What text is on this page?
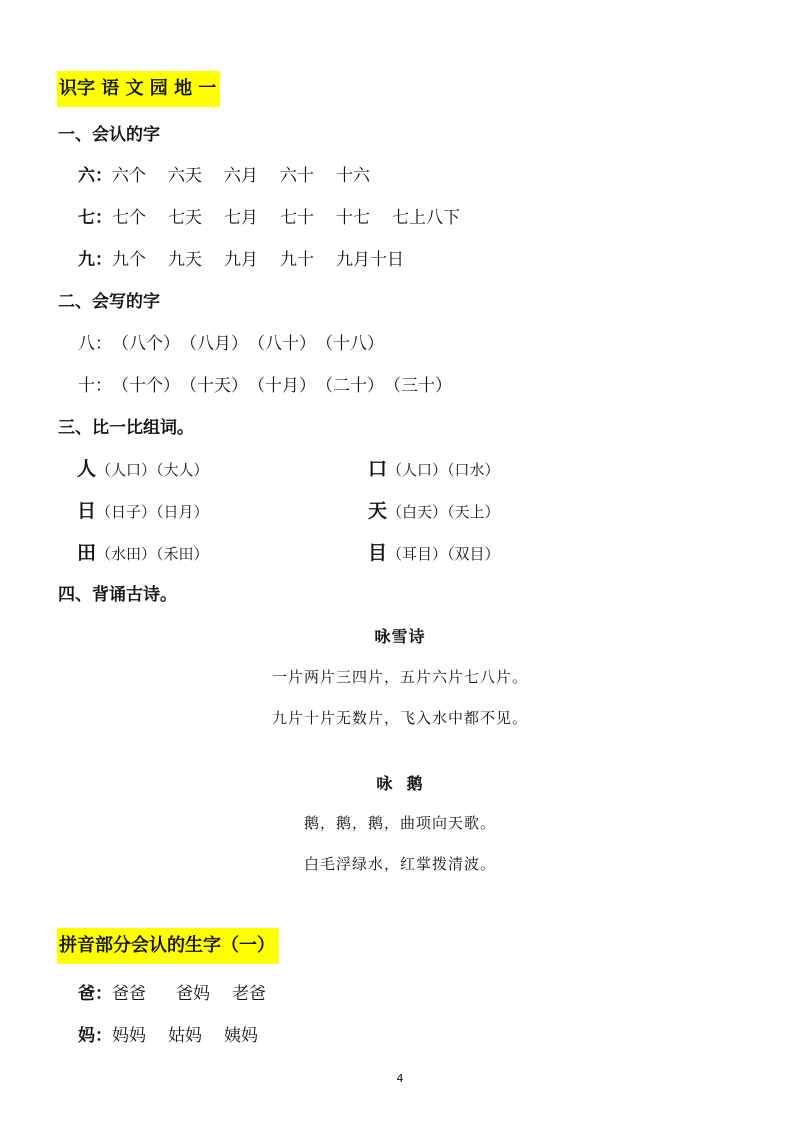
识字 语 文 园 地 一
一、会认的字
六： 六个 六天 六月 六十 十六
七： 七个 七天 七月 七十 十七 七上八下
九： 九个 九天 九月 九十 九月十日
二、会写的字
八： （八个） （八月） （八十） （十八）
十： （十个） （十天） （十月） （二十） （三十）
三、比一比组词。
人 （人口）（大人）	口 （人口）（口水）
日 （日子）（日月）	天 （白天）（天上）
田 （水田）（禾田）	目 （耳目）（双目）
四、背诵古诗。
咏雪诗
一片两片三四片，五片六片七八片。
九片十片无数片，飞入水中都不见。
咏  鹅
鹅，鹅，鹅，曲项向天歌。
白毛浮绿水，红掌拨清波。
拼音部分会认的生字（一）
爸： 爸爸 爸妈 老爸
妈： 妈妈 姑妈 姨妈
4
